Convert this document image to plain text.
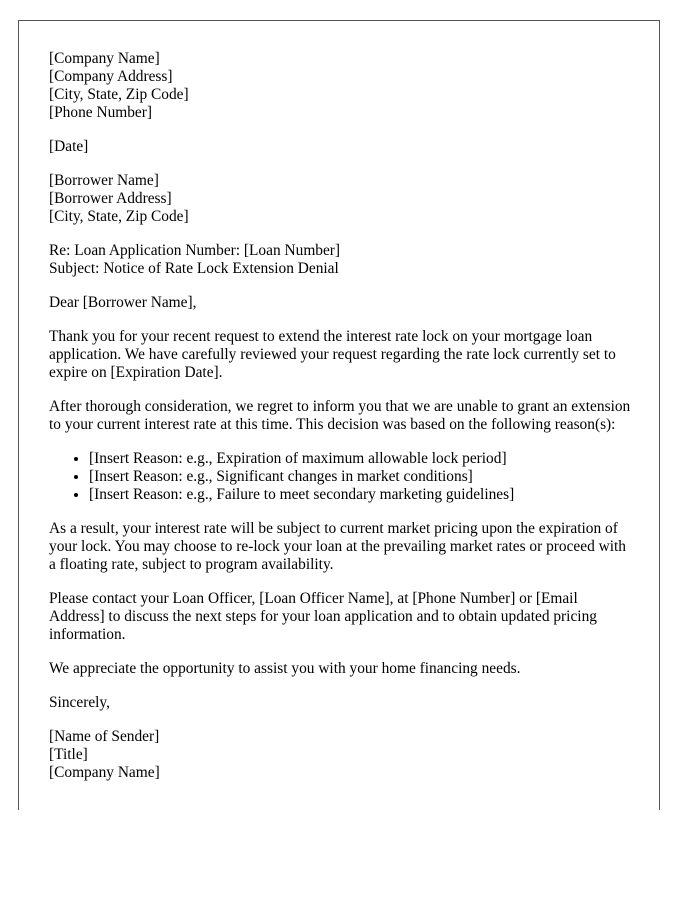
[Company Name]
[Company Address]
[City, State, Zip Code]
[Phone Number]
[Date]
[Borrower Name]
[Borrower Address]
[City, State, Zip Code]
Re: Loan Application Number: [Loan Number]
Subject: Notice of Rate Lock Extension Denial

Dear [Borrower Name],

Thank you for your recent request to extend the interest rate lock on your mortgage loan application. We have carefully reviewed your request regarding the rate lock currently set to expire on [Expiration Date].

After thorough consideration, we regret to inform you that we are unable to grant an extension to your current interest rate at this time. This decision was based on the following reason(s):

• [Insert Reason: e.g., Expiration of maximum allowable lock period]
• [Insert Reason: e.g., Significant changes in market conditions]
• [Insert Reason: e.g., Failure to meet secondary marketing guidelines]

As a result, your interest rate will be subject to current market pricing upon the expiration of your lock. You may choose to re-lock your loan at the prevailing market rates or proceed with a floating rate, subject to program availability.

Please contact your Loan Officer, [Loan Officer Name], at [Phone Number] or [Email Address] to discuss the next steps for your loan application and to obtain updated pricing information.

We appreciate the opportunity to assist you with your home financing needs.

Sincerely,

[Name of Sender]
[Title]
[Company Name]
